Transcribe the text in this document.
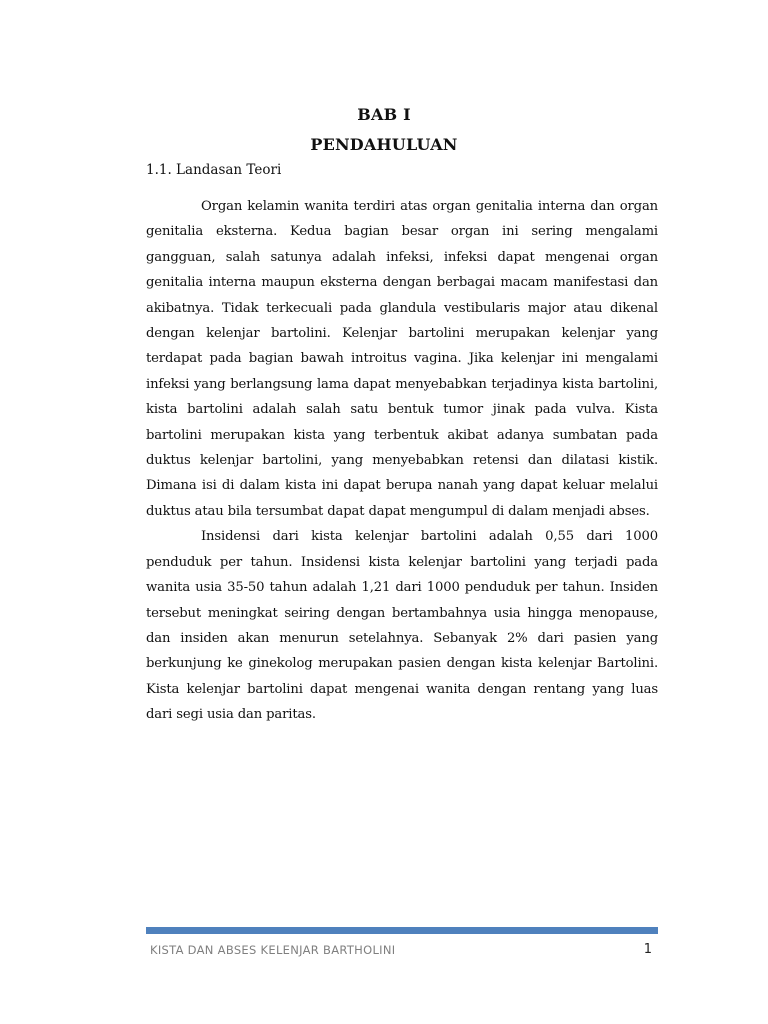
BAB I
PENDAHULUAN
1.1. Landasan Teori

Organ kelamin wanita terdiri atas organ genitalia interna dan organ genitalia eksterna. Kedua bagian besar organ ini sering mengalami gangguan, salah satunya adalah infeksi, infeksi dapat mengenai organ genitalia interna maupun eksterna dengan berbagai macam manifestasi dan akibatnya. Tidak terkecuali pada glandula vestibularis major atau dikenal dengan kelenjar bartolini. Kelenjar bartolini merupakan kelenjar yang terdapat pada bagian bawah introitus vagina. Jika kelenjar ini mengalami infeksi yang berlangsung lama dapat menyebabkan terjadinya kista bartolini, kista bartolini adalah salah satu bentuk tumor jinak pada vulva. Kista bartolini merupakan kista yang terbentuk akibat adanya sumbatan pada duktus kelenjar bartolini, yang menyebabkan retensi dan dilatasi kistik. Dimana isi di dalam kista ini dapat berupa nanah yang dapat keluar melalui duktus atau bila tersumbat dapat dapat mengumpul di dalam menjadi abses.

Insidensi dari kista kelenjar bartolini adalah 0,55 dari 1000 penduduk per tahun. Insidensi kista kelenjar bartolini yang terjadi pada wanita usia 35-50 tahun adalah 1,21 dari 1000 penduduk per tahun. Insiden tersebut meningkat seiring dengan bertambahnya usia hingga menopause, dan insiden akan menurun setelahnya. Sebanyak 2% dari pasien yang berkunjung ke ginekolog merupakan pasien dengan kista kelenjar Bartolini. Kista kelenjar bartolini dapat mengenai wanita dengan rentang yang luas dari segi usia dan paritas.

KISTA DAN ABSES KELENJAR BARTHOLINI	1
